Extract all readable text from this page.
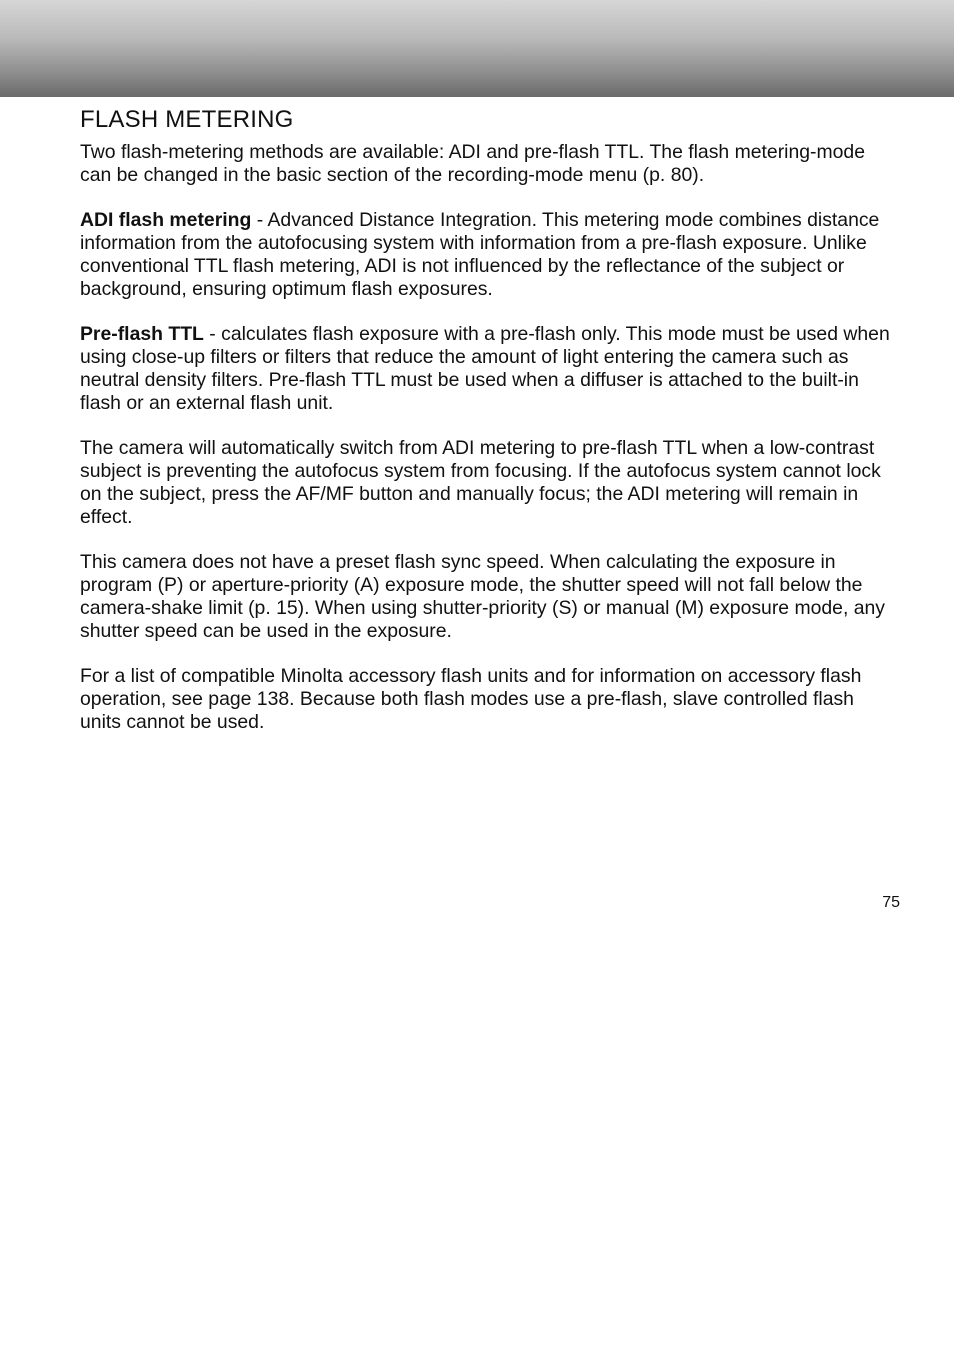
FLASH METERING

Two flash-metering methods are available: ADI and pre-flash TTL. The flash metering-mode can be changed in the basic section of the recording-mode menu (p. 80).

ADI flash metering - Advanced Distance Integration. This metering mode combines distance information from the autofocusing system with information from a pre-flash exposure. Unlike conventional TTL flash metering, ADI is not influenced by the reflectance of the subject or background, ensuring optimum flash exposures.

Pre-flash TTL - calculates flash exposure with a pre-flash only. This mode must be used when using close-up filters or filters that reduce the amount of light entering the camera such as neutral density filters. Pre-flash TTL must be used when a diffuser is attached to the built-in flash or an external flash unit.

The camera will automatically switch from ADI metering to pre-flash TTL when a low-contrast subject is preventing the autofocus system from focusing. If the autofocus system cannot lock on the subject, press the AF/MF button and manually focus; the ADI metering will remain in effect.

This camera does not have a preset flash sync speed. When calculating the exposure in program (P) or aperture-priority (A) exposure mode, the shutter speed will not fall below the camera-shake limit (p. 15). When using shutter-priority (S) or manual (M) exposure mode, any shutter speed can be used in the exposure.

For a list of compatible Minolta accessory flash units and for information on accessory flash operation, see page 138. Because both flash modes use a pre-flash, slave controlled flash units cannot be used.

75
